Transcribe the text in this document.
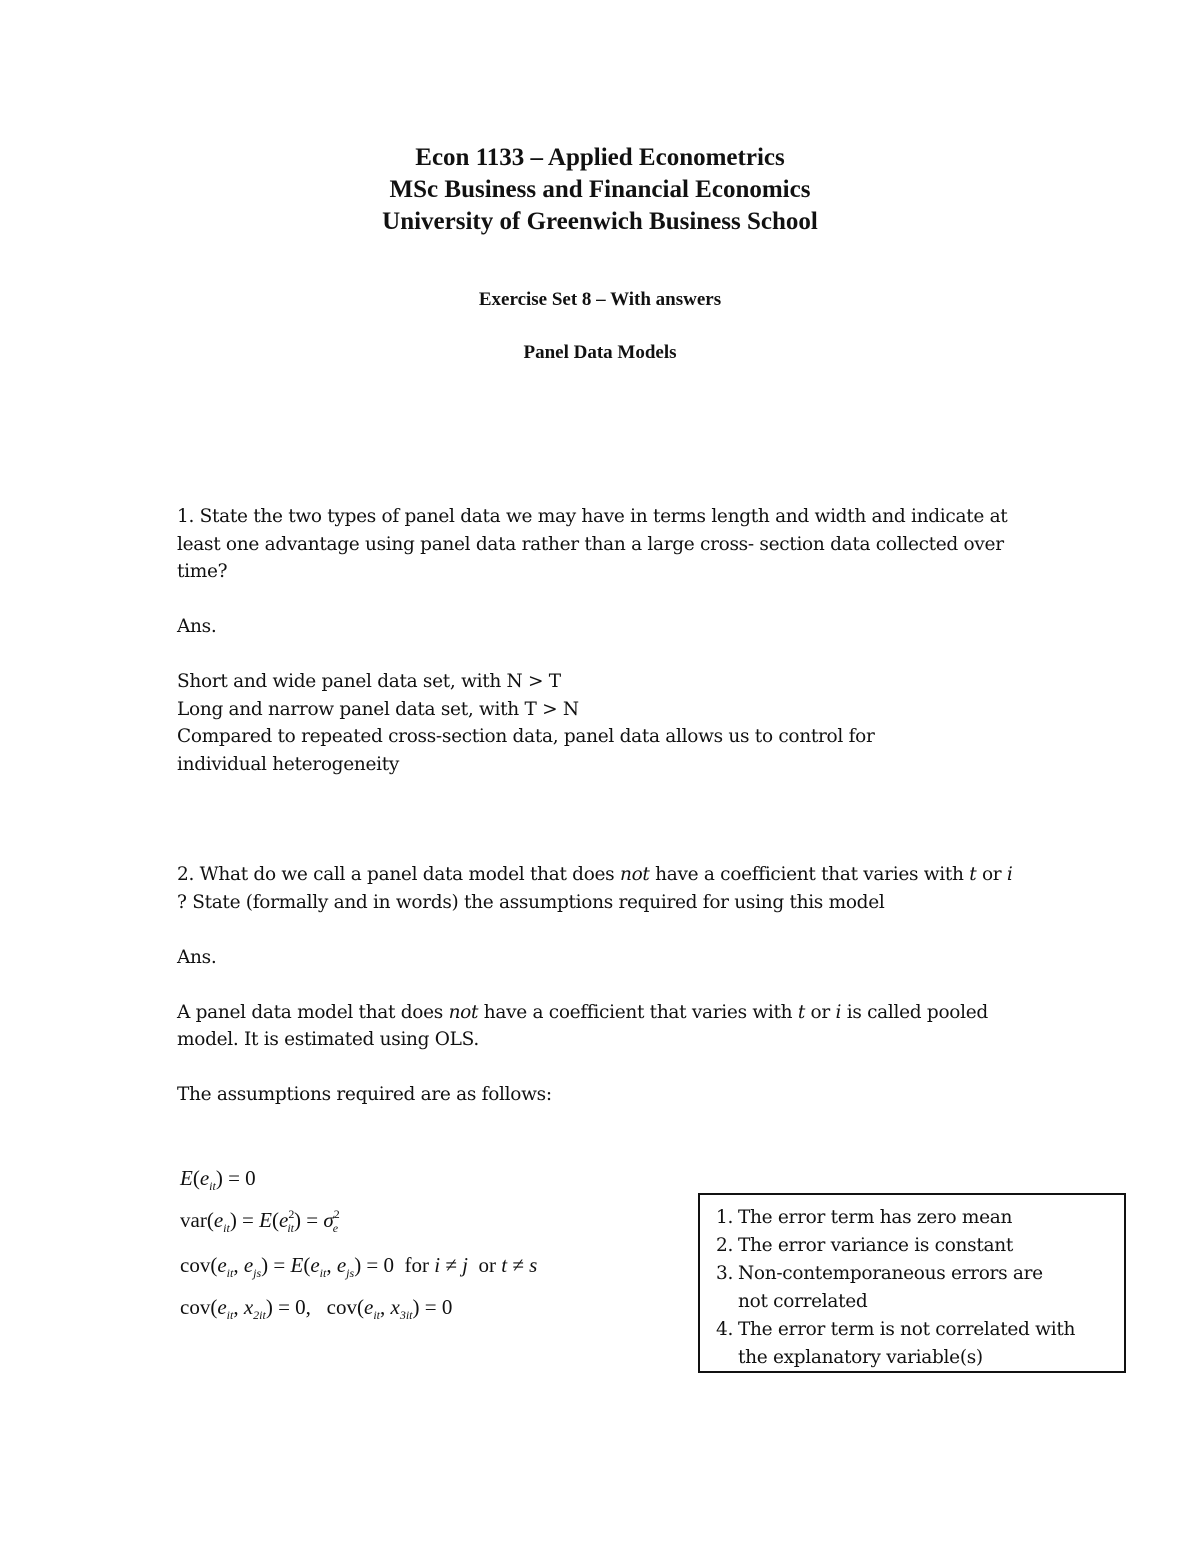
Econ 1133 – Applied Econometrics
MSc Business and Financial Economics
University of Greenwich Business School
Exercise Set 8 – With answers
Panel Data Models

1. State the two types of panel data we may have in terms length and width and indicate at least one advantage using panel data rather than a large cross- section data collected over time?

Ans.

Short and wide panel data set, with N > T

Long and narrow panel data set, with T > N

Compared to repeated cross-section data, panel data allows us to control for individual heterogeneity

2. What do we call a panel data model that does not have a coefficient that varies with t or i ? State (formally and in words) the assumptions required for using this model

Ans.

A panel data model that does not have a coefficient that varies with t or i is called pooled model. It is estimated using OLS.

The assumptions required are as follows:

$E(e_{it}) = 0$
$var(e_{it}) = E(e^2_{it}) = \sigma^2_e$
$cov(e_{it}$, $e_{js}) = E(e_{it}$, $e_{js}) = 0$  for i ≠ j  or t ≠ s
$cov(e_{it}$, $x_{2it}) = 0$,   $cov(e_{it}$, $x_{3it}) = 0$
1. The error term has zero mean
2. The error variance is constant
3. Non-contemporaneous errors are not correlated
4. The error term is not correlated with the explanatory variable(s)
